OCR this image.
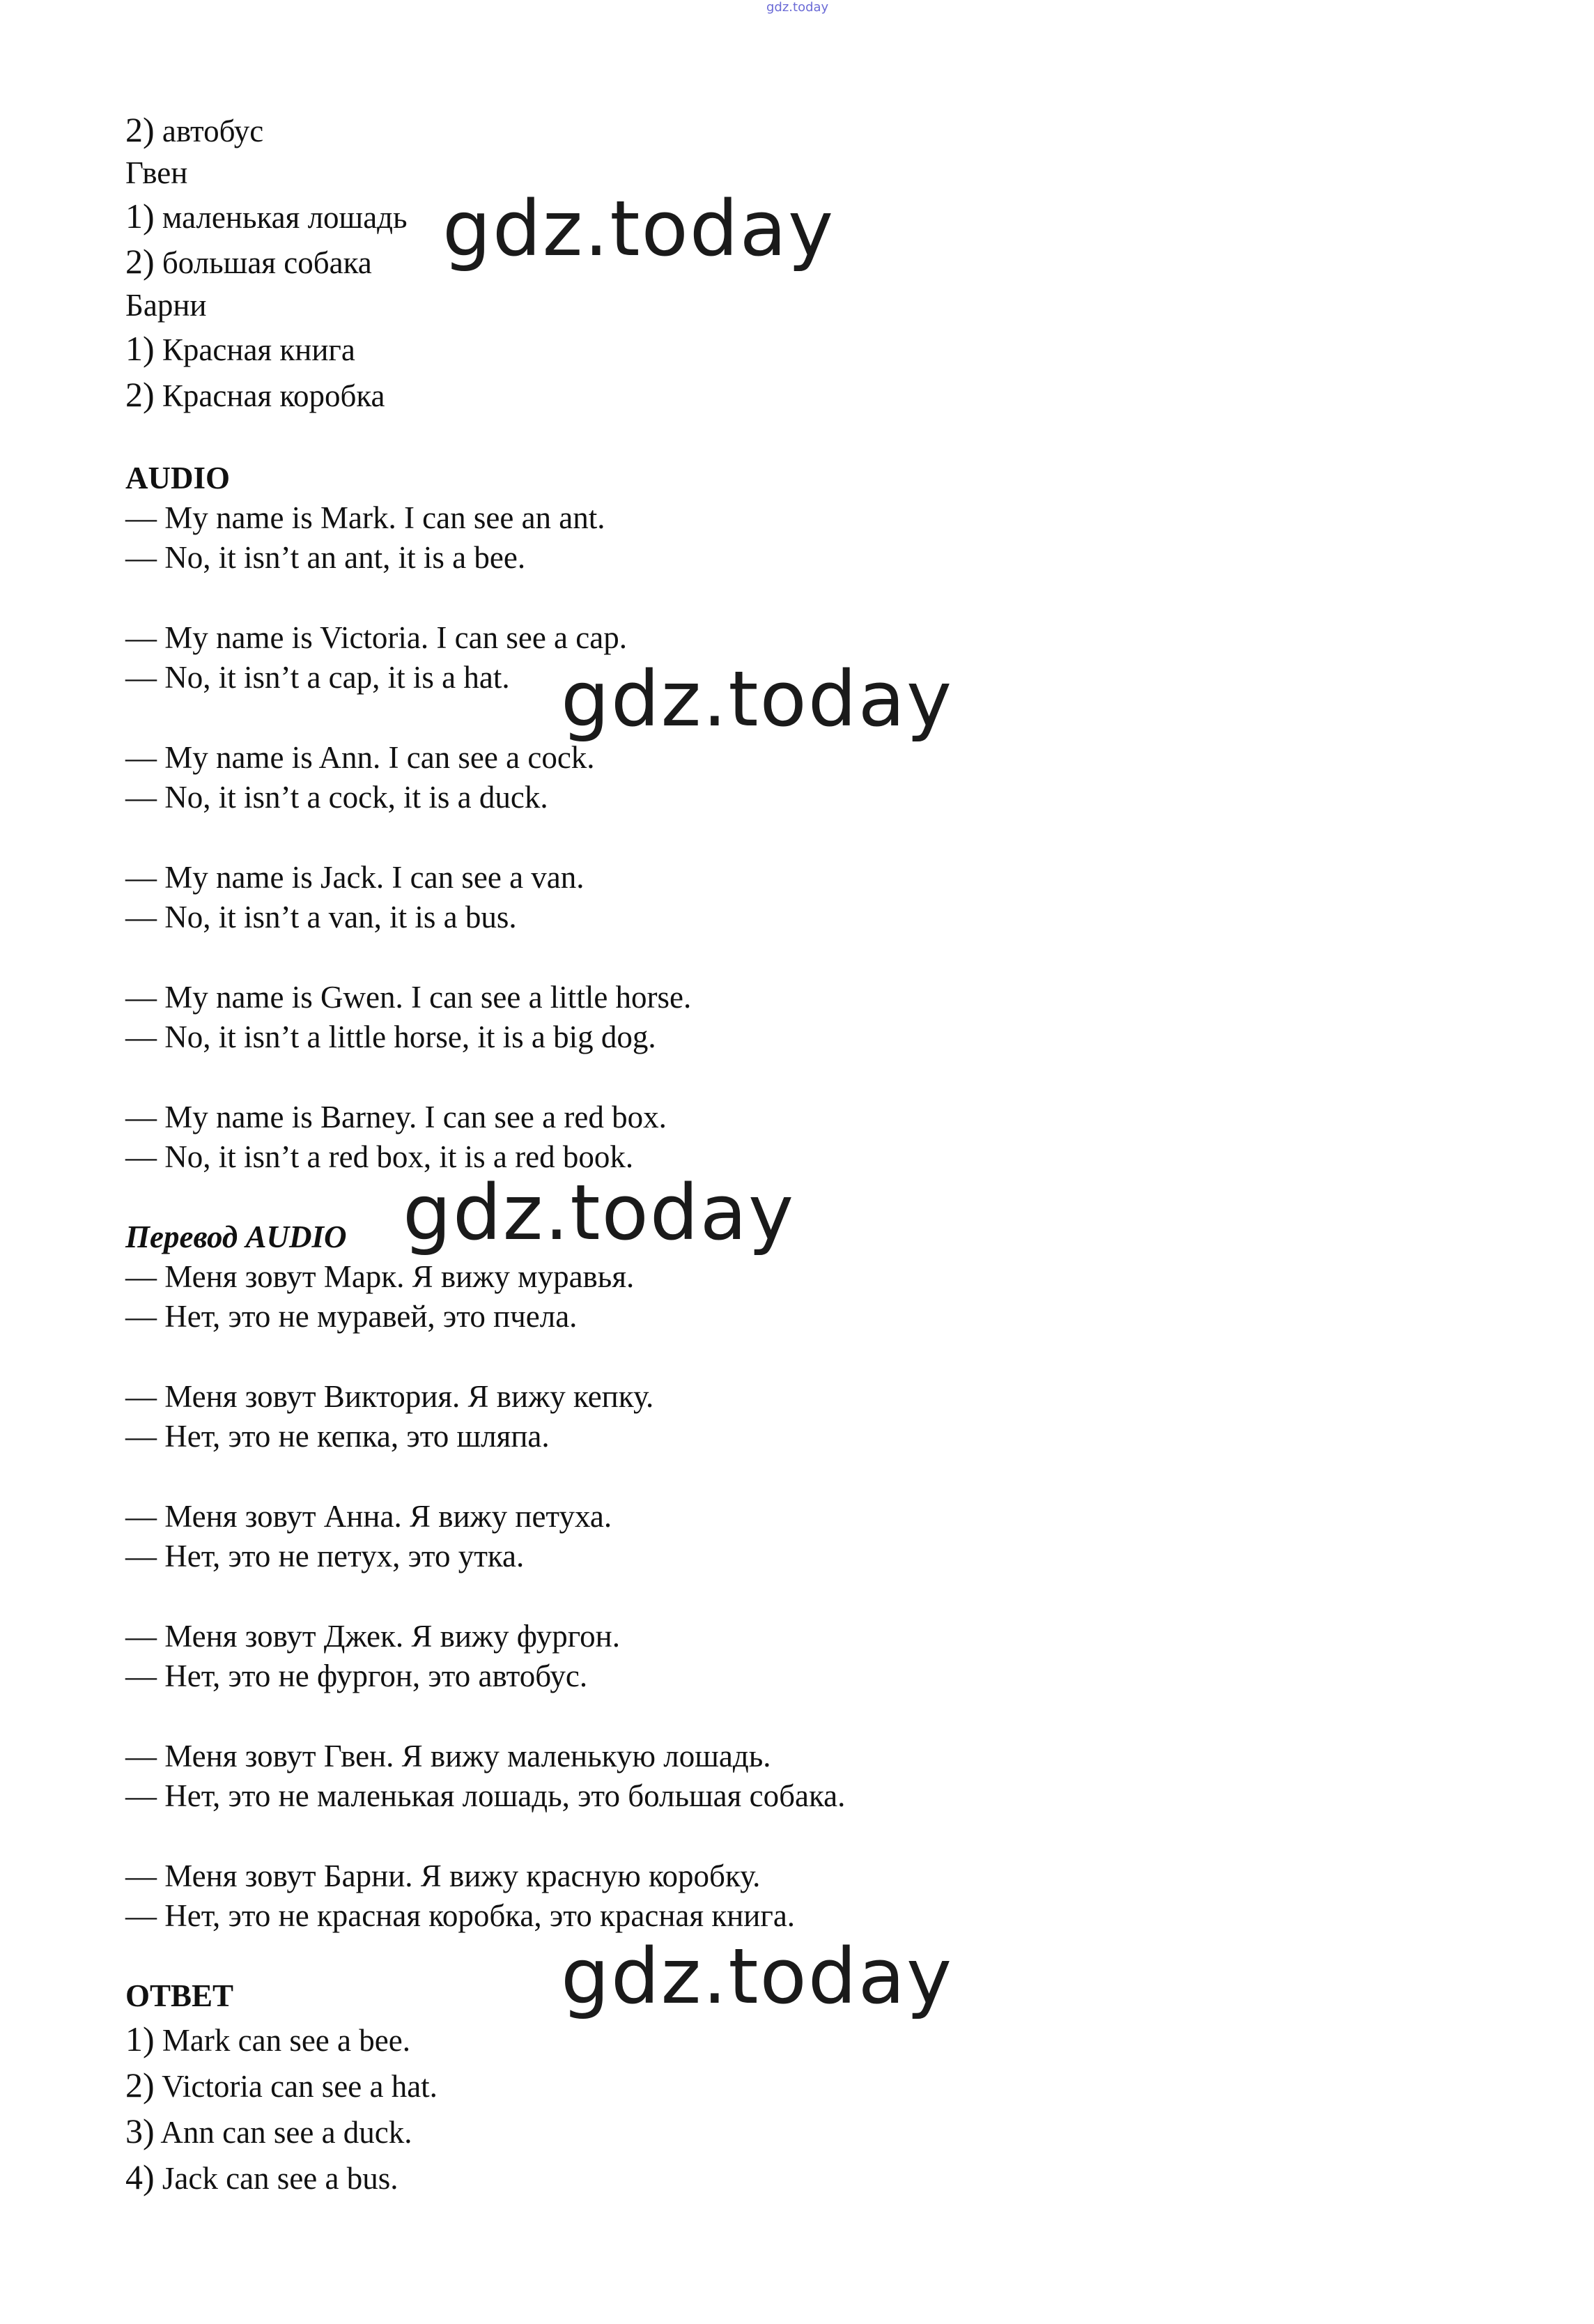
gdz.today
2) автобус
Гвен
1) маленькая лошадь
2) большая собака
Барни
1) Красная книга
2) Красная коробка
AUDIO
— My name is Mark. I can see an ant.
— No, it isn’t an ant, it is a bee.
— My name is Victoria. I can see a cap.
— No, it isn’t a cap, it is a hat.
— My name is Ann. I can see a cock.
— No, it isn’t a cock, it is a duck.
— My name is Jack. I can see a van.
— No, it isn’t a van, it is a bus.
— My name is Gwen. I can see a little horse.
— No, it isn’t a little horse, it is a big dog.
— My name is Barney. I can see a red box.
— No, it isn’t a red box, it is a red book.
Перевод AUDIO
— Меня зовут Марк. Я вижу муравья.
— Нет, это не муравей, это пчела.
— Меня зовут Виктория. Я вижу кепку.
— Нет, это не кепка, это шляпа.
— Меня зовут Анна. Я вижу петуха.
— Нет, это не петух, это утка.
— Меня зовут Джек. Я вижу фургон.
— Нет, это не фургон, это автобус.
— Меня зовут Гвен. Я вижу маленькую лошадь.
— Нет, это не маленькая лошадь, это большая собака.
— Меня зовут Барни. Я вижу красную коробку.
— Нет, это не красная коробка, это красная книга.
ОТВЕТ
1) Mark can see a bee.
2) Victoria can see a hat.
3) Ann can see a duck.
4) Jack can see a bus.
gdz.today
gdz.today
gdz.today
gdz.today
